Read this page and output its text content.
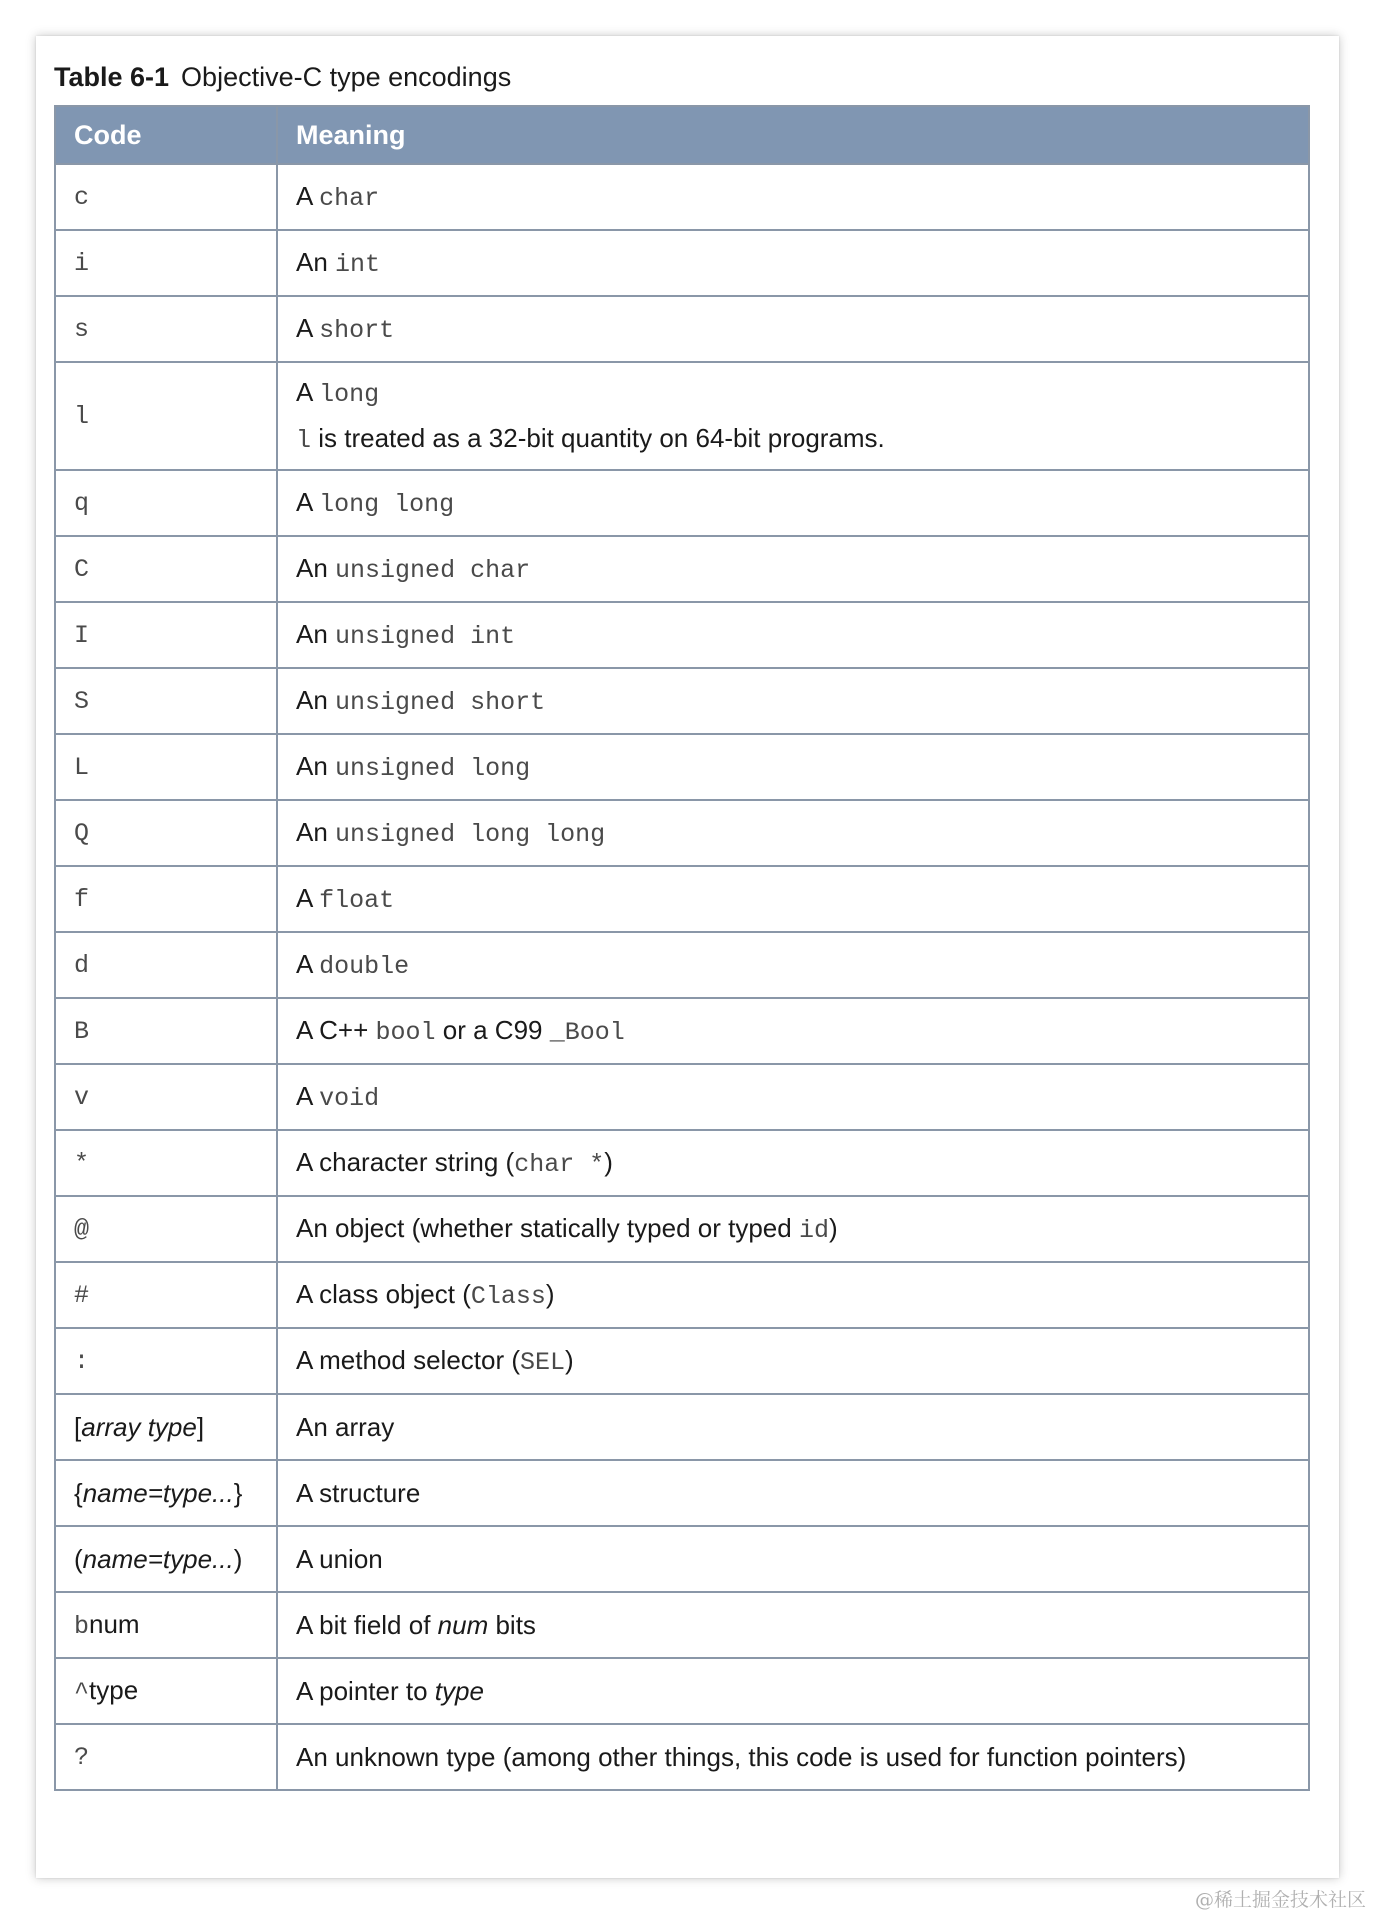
Table 6-1 Objective-C type encodings
Code	Meaning
c	A char
i	An int
s	A short
l	A long
l is treated as a 32-bit quantity on 64-bit programs.

q	A long long
C	An unsigned char
I	An unsigned int
S	An unsigned short
L	An unsigned long
Q	An unsigned long long
f	A float
d	A double
B	A C++ bool or a C99 _Bool
v	A void
*	A character string (char *)
@	An object (whether statically typed or typed id)
#	A class object (Class)
:	A method selector (SEL)
[array type]	An array
{name=type...}	A structure
(name=type...)	A union
bnum	A bit field of num bits
^type	A pointer to type
?	An unknown type (among other things, this code is used for function pointers)
@稀土掘金技术社区
